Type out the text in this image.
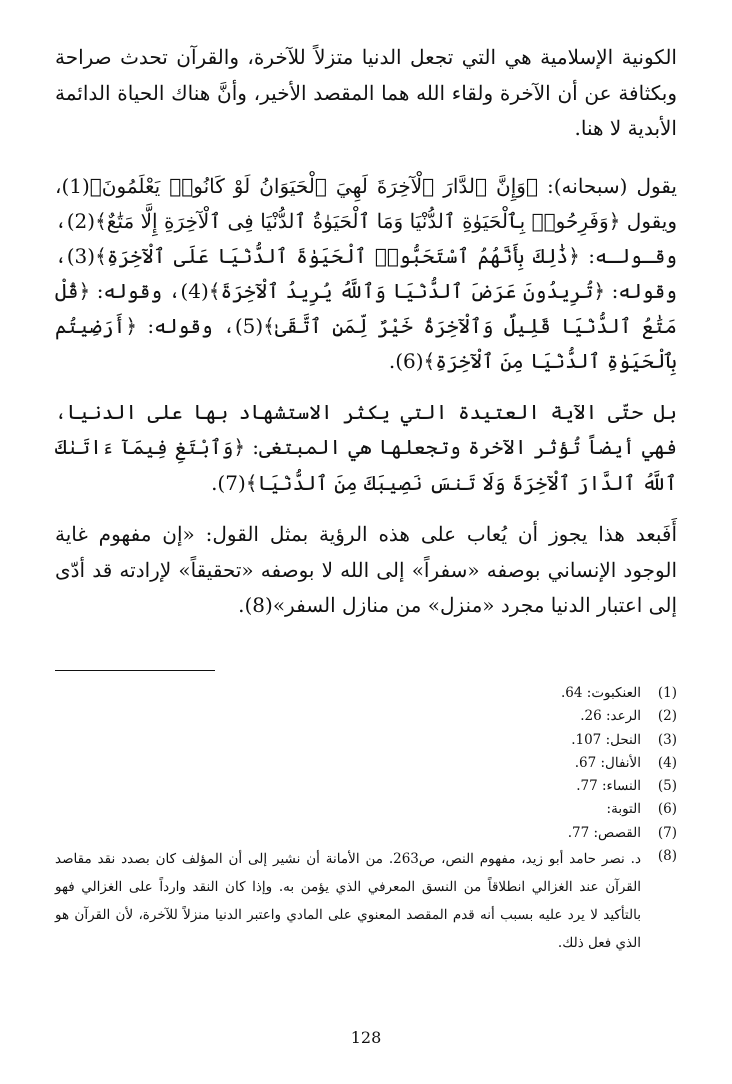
الكونية الإسلامية هي التي تجعل الدنيا متزلاً للآخرة، والقرآن تحدث صراحة وبكثافة عن أن الآخرة ولقاء الله هما المقصد الأخير، وأنَّ هناك الحياة الدائمة الأبدية لا هنا.

يقول (سبحانه): ﴿وَإِنَّ ٱلدَّارَ ٱلْآخِرَةَ لَهِيَ ٱلْحَيَوَانُ لَوْ كَانُوا۟ يَعْلَمُونَ﴾(1)، ويقول ﴿وَفَرِحُوا۟ بِٱلْحَيَوٰةِ ٱلدُّنْيَا وَمَا ٱلْحَيَوٰةُ ٱلدُّنْيَا فِى ٱلْآخِرَةِ إِلَّا مَتَٰعٌ﴾(2)، وقـولـه: ﴿ذَٰلِكَ بِأَنَّهُمُ ٱسْتَحَبُّوا۟ ٱلْحَيَوٰةَ ٱلدُّنْيَا عَلَى ٱلْآخِرَةِ﴾(3)، وقوله: ﴿تُرِيدُونَ عَرَضَ ٱلدُّنْيَا وَٱللَّهُ يُرِيدُ ٱلْآخِرَةَ﴾(4)، وقوله: ﴿قُلْ مَتَٰعُ ٱلدُّنْيَا قَلِيلٌ وَٱلْآخِرَةُ خَيْرٌ لِّمَنِ ٱتَّقَىٰ﴾(5)، وقوله: ﴿أَرَضِيتُم بِٱلْحَيَوٰةِ ٱلدُّنْيَا مِنَ ٱلْآخِرَةِ﴾(6).

بل حتّى الآية العتيدة التي يكثر الاستشهاد بها على الدنيا، فهي أيضاً تُؤثر الآخرة وتجعلها هي المبتغى: ﴿وَٱبْتَغِ فِيمَآ ءَاتَىٰكَ ٱللَّهُ ٱلدَّارَ ٱلْآخِرَةَ وَلَا تَنسَ نَصِيبَكَ مِنَ ٱلدُّنْيَا﴾(7).

أَفَبعد هذا يجوز أن يُعاب على هذه الرؤية بمثل القول: «إن مفهوم غاية الوجود الإنساني بوصفه «سفراً» إلى الله لا بوصفه «تحقيقاً» لإرادته قد أدّى إلى اعتبار الدنيا مجرد «منزل» من منازل السفر»(8).

(1)
العنكبوت: 64.
(2)
الرعد: 26.
(3)
النحل: 107.
(4)
الأنفال: 67.
(5)
النساء: 77.
(6)
التوبة:
(7)
القصص: 77.
(8)
د. نصر حامد أبو زيد، مفهوم النص، ص263. من الأمانة أن نشير إلى أن المؤلف كان بصدد نقد مقاصد القرآن عند الغزالي انطلاقاً من النسق المعرفي الذي يؤمن به. وإذا كان النقد وارداً على الغزالي فهو بالتأكيد لا يرد عليه بسبب أنه قدم المقصد المعنوي على المادي واعتبر الدنيا منزلاً للآخرة، لأن القرآن هو الذي فعل ذلك.
128
